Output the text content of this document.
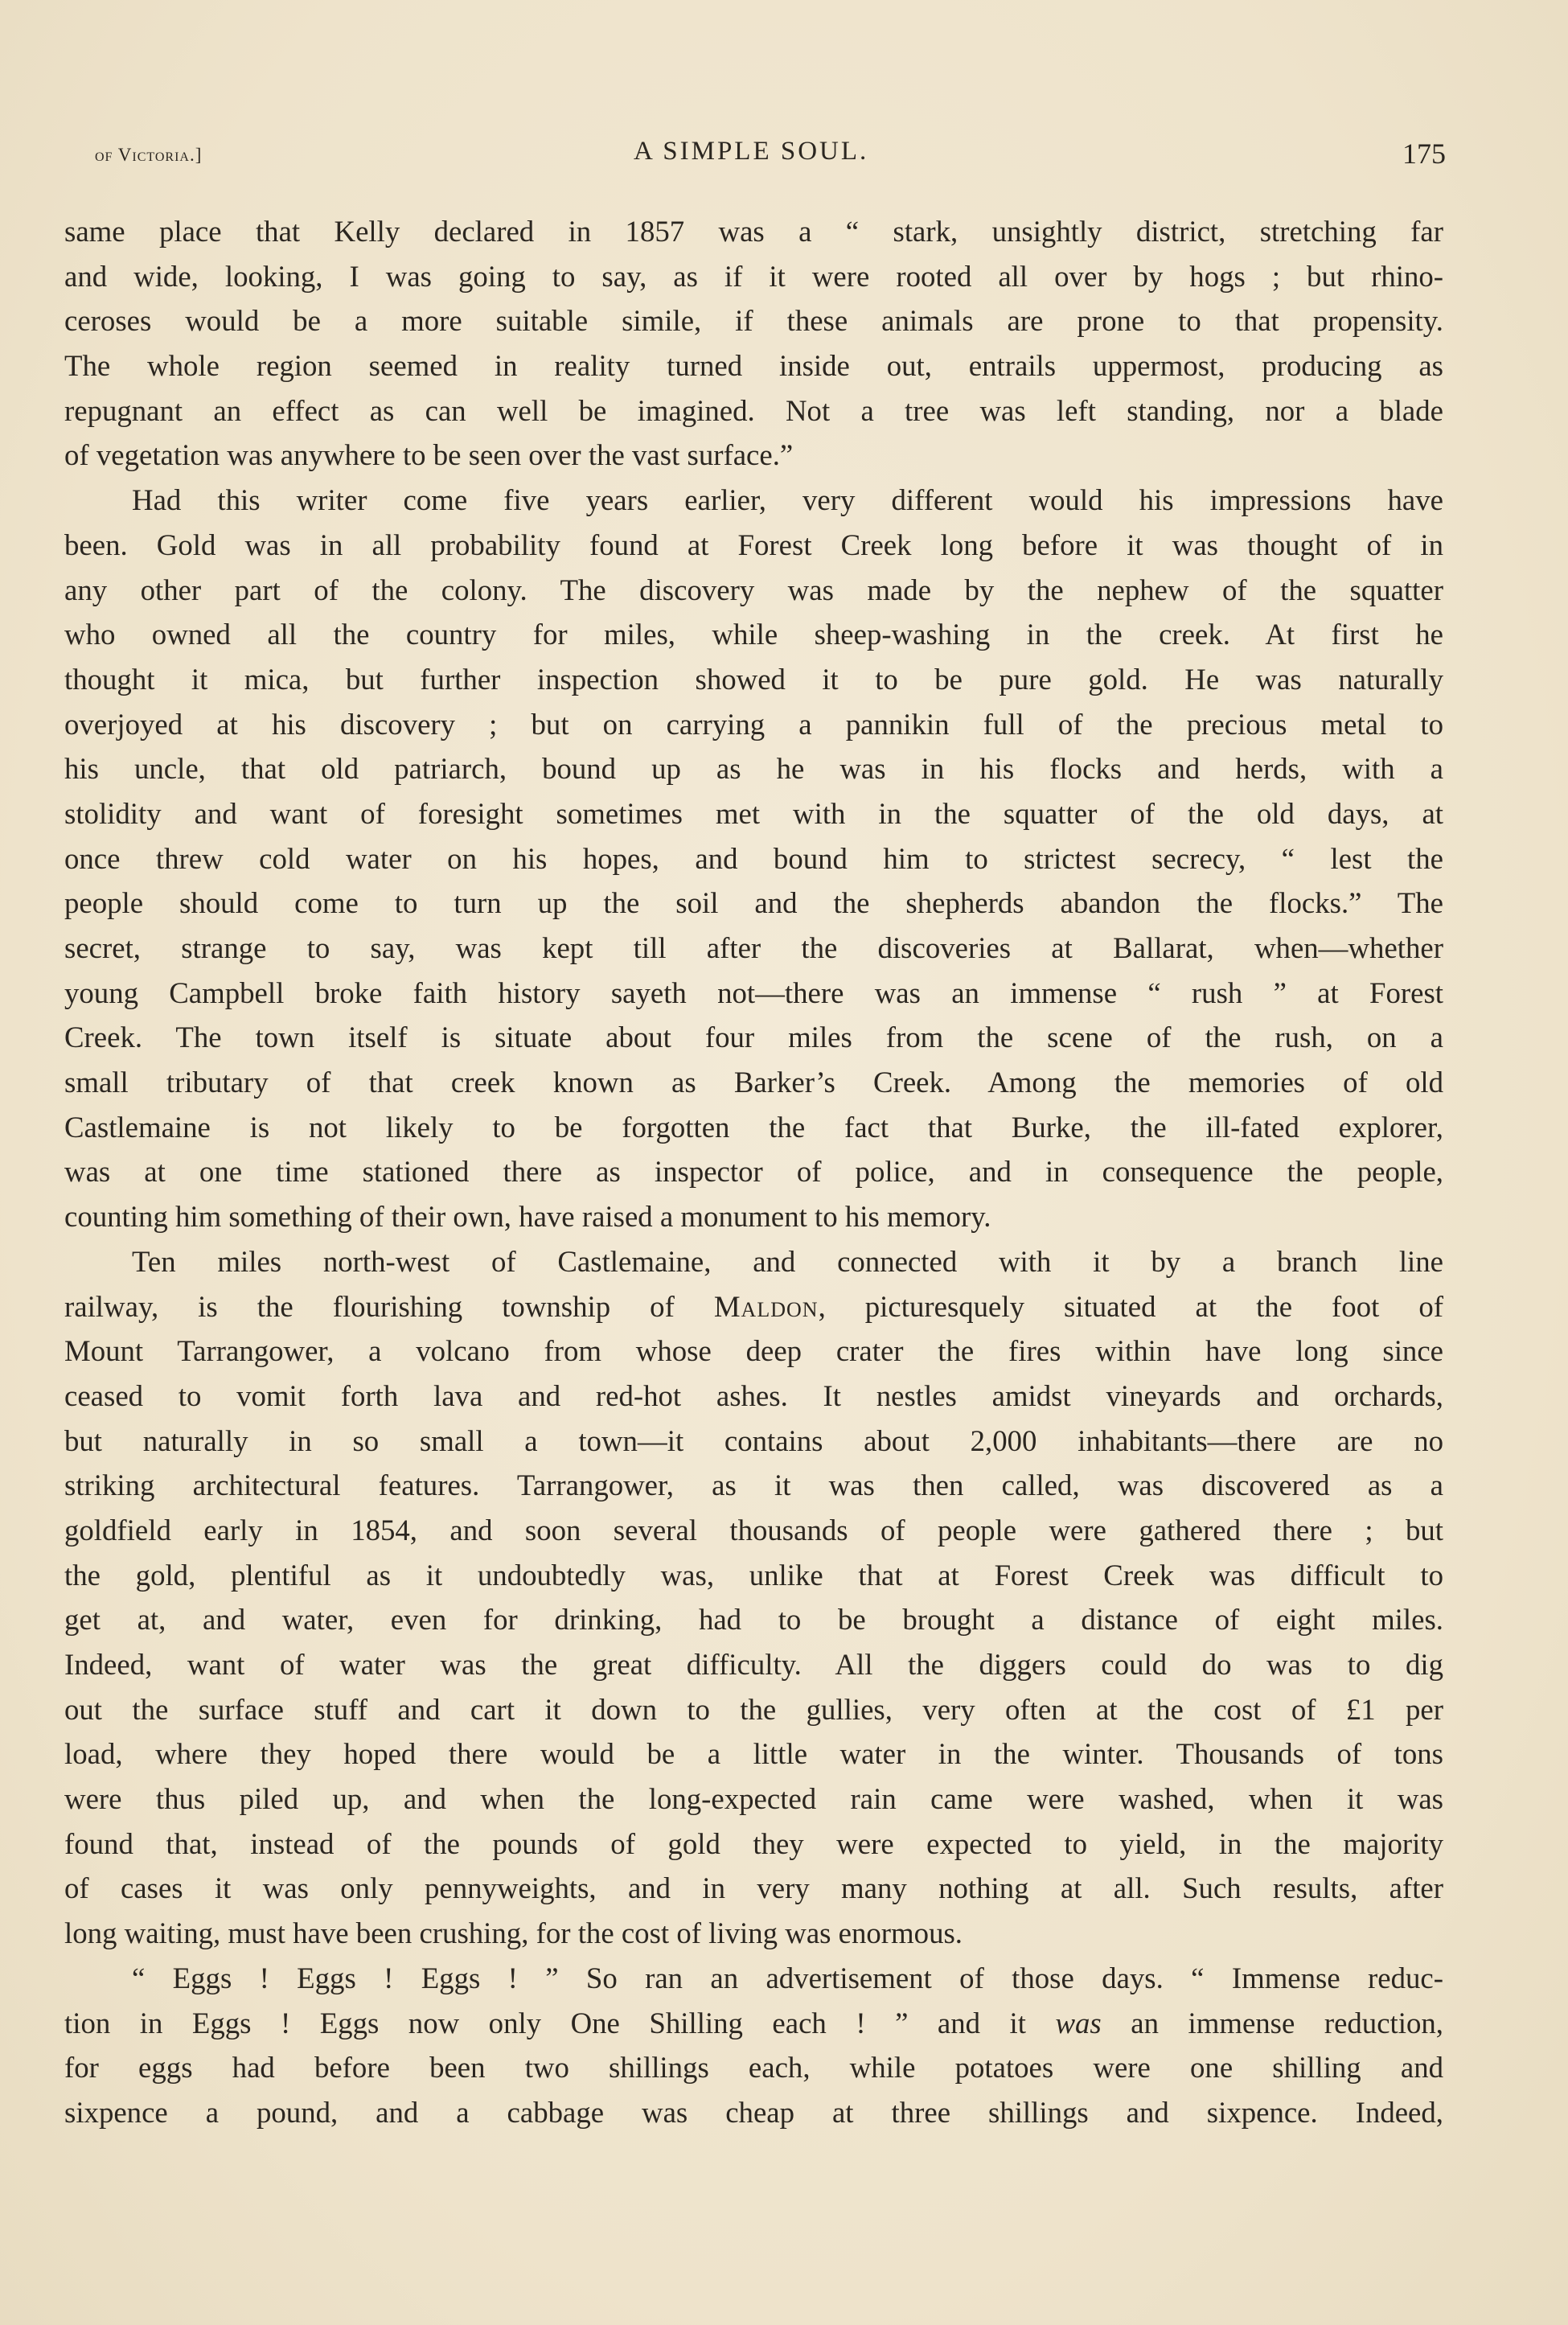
of Victoria.]	A SIMPLE SOUL.	175
same place that Kelly declared in 1857 was a “ stark, unsightly district, stretching far
and wide, looking, I was going to say, as if it were rooted all over by hogs ; but rhino-
ceroses would be a more suitable simile, if these animals are prone to that propensity.
The whole region seemed in reality turned inside out, entrails uppermost, producing as
repugnant an effect as can well be imagined. Not a tree was left standing, nor a blade
of vegetation was anywhere to be seen over the vast surface.”
Had this writer come five years earlier, very different would his impressions have
been. Gold was in all probability found at Forest Creek long before it was thought of in
any other part of the colony. The discovery was made by the nephew of the squatter
who owned all the country for miles, while sheep-washing in the creek. At first he
thought it mica, but further inspection showed it to be pure gold. He was naturally
overjoyed at his discovery ; but on carrying a pannikin full of the precious metal to
his uncle, that old patriarch, bound up as he was in his flocks and herds, with a
stolidity and want of foresight sometimes met with in the squatter of the old days, at
once threw cold water on his hopes, and bound him to strictest secrecy, “ lest the
people should come to turn up the soil and the shepherds abandon the flocks.” The
secret, strange to say, was kept till after the discoveries at Ballarat, when—whether
young Campbell broke faith history sayeth not—there was an immense “ rush ” at Forest
Creek. The town itself is situate about four miles from the scene of the rush, on a
small tributary of that creek known as Barker’s Creek. Among the memories of old
Castlemaine is not likely to be forgotten the fact that Burke, the ill-fated explorer,
was at one time stationed there as inspector of police, and in consequence the people,
counting him something of their own, have raised a monument to his memory.
Ten miles north-west of Castlemaine, and connected with it by a branch line
railway, is the flourishing township of Maldon, picturesquely situated at the foot of
Mount Tarrangower, a volcano from whose deep crater the fires within have long since
ceased to vomit forth lava and red-hot ashes. It nestles amidst vineyards and orchards,
but naturally in so small a town—it contains about 2,000 inhabitants—there are no
striking architectural features. Tarrangower, as it was then called, was discovered as a
goldfield early in 1854, and soon several thousands of people were gathered there ; but
the gold, plentiful as it undoubtedly was, unlike that at Forest Creek was difficult to
get at, and water, even for drinking, had to be brought a distance of eight miles.
Indeed, want of water was the great difficulty. All the diggers could do was to dig
out the surface stuff and cart it down to the gullies, very often at the cost of £1 per
load, where they hoped there would be a little water in the winter. Thousands of tons
were thus piled up, and when the long-expected rain came were washed, when it was
found that, instead of the pounds of gold they were expected to yield, in the majority
of cases it was only pennyweights, and in very many nothing at all. Such results, after
long waiting, must have been crushing, for the cost of living was enormous.
“ Eggs ! Eggs ! Eggs ! ” So ran an advertisement of those days. “ Immense reduc-
tion in Eggs ! Eggs now only One Shilling each ! ” and it was an immense reduction,
for eggs had before been two shillings each, while potatoes were one shilling and
sixpence a pound, and a cabbage was cheap at three shillings and sixpence. Indeed,
